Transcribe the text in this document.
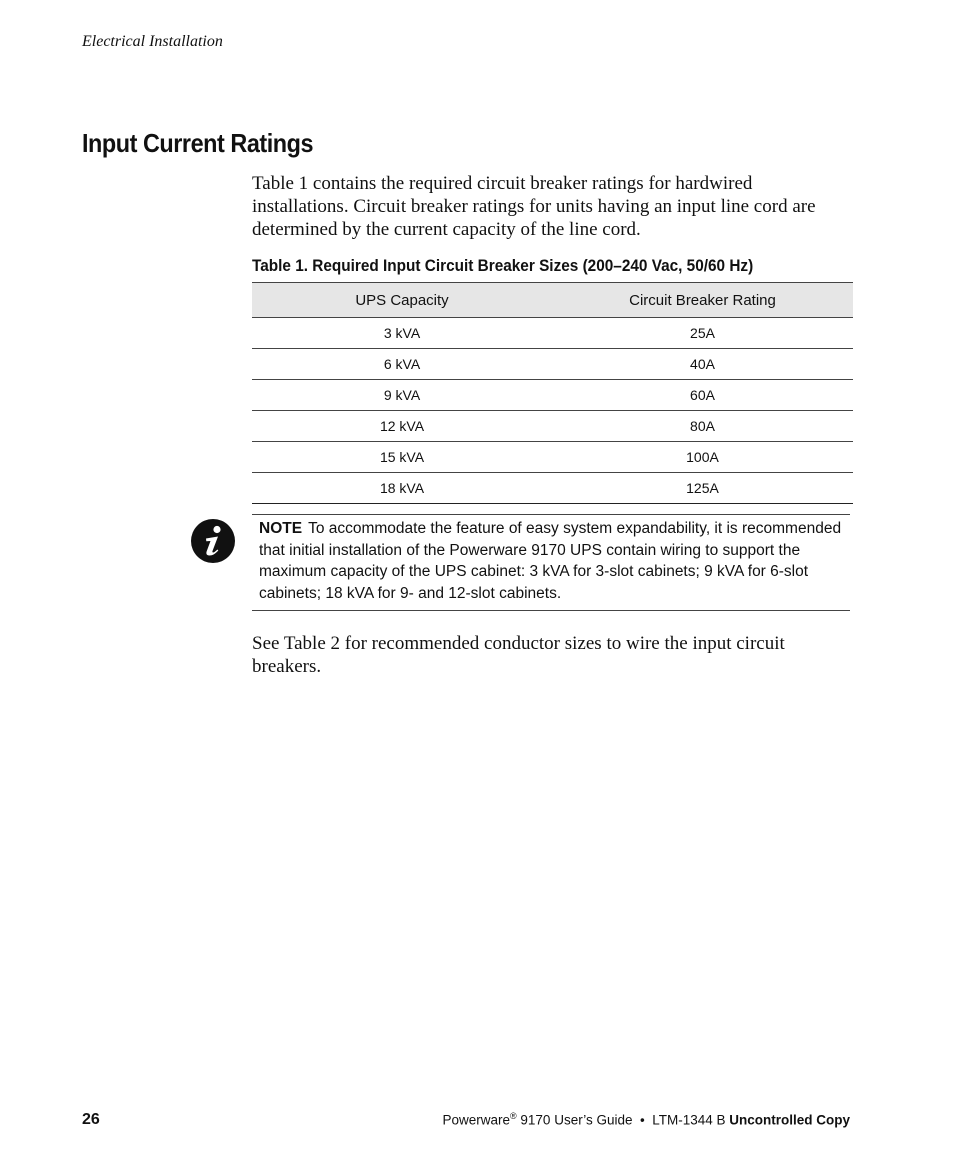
Electrical Installation
Input Current Ratings

Table 1 contains the required circuit breaker ratings for hardwired installations. Circuit breaker ratings for units having an input line cord are determined by the current capacity of the line cord.

Table 1. Required Input Circuit Breaker Sizes (200–240 Vac, 50/60 Hz)
UPS Capacity	Circuit Breaker Rating
3 kVA	25A
6 kVA	40A
9 kVA	60A
12 kVA	80A
15 kVA	100A
18 kVA	125A
NOTE To accommodate the feature of easy system expandability, it is recommended that initial installation of the Powerware 9170 UPS contain wiring to support the maximum capacity of the UPS cabinet: 3 kVA for 3-slot cabinets; 9 kVA for 6-slot cabinets; 18 kVA for 9- and 12-slot cabinets.

See Table 2 for recommended conductor sizes to wire the input circuit breakers.

26	Powerware® 9170 User’s Guide  •  LTM-1344 B Uncontrolled Copy
